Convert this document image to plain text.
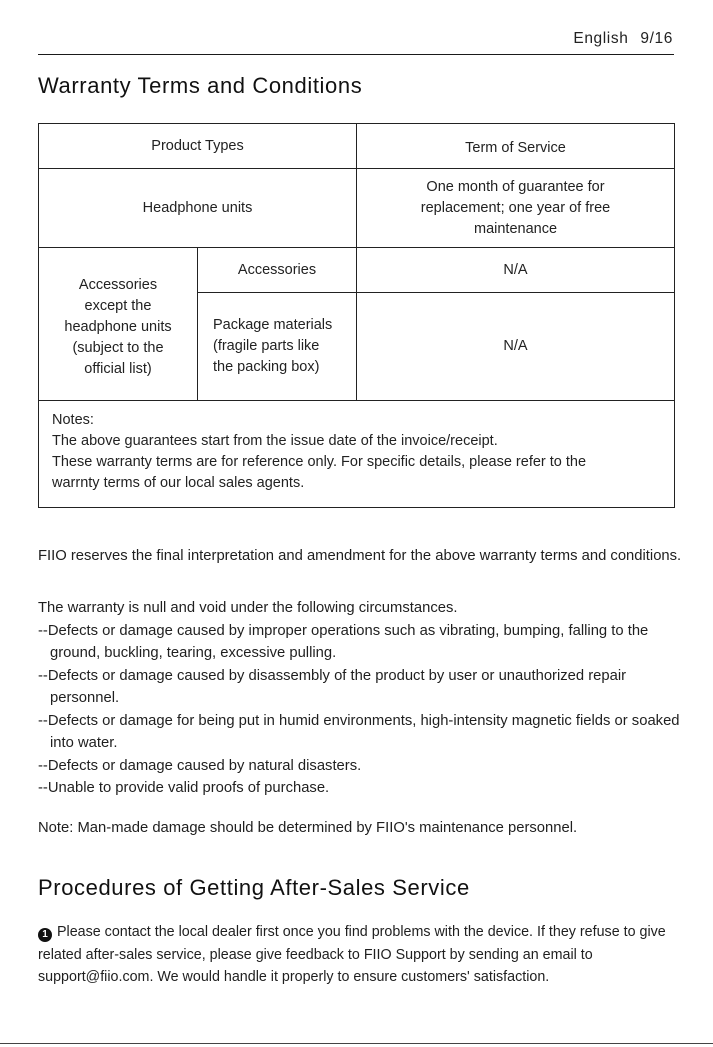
English 9/16
Warranty Terms and Conditions
Product Types		Term of Service
Headphone units		One month of guarantee for
replacement; one year of free
maintenance

Accessories
except the
headphone units
(subject to the
official list)	Accessories	N/A

	Package materials
(fragile parts like
the packing box)	N/A

Notes:
The above guarantees start from the issue date of the invoice/receipt.
These warranty terms are for reference only. For specific details, please refer to the
warrnty terms of our local sales agents.		

FIIO reserves the final interpretation and amendment for the above warranty terms and conditions.

The warranty is null and void under the following circumstances.

--Defects or damage caused by improper operations such as vibrating, bumping, falling to the ground, buckling, tearing, excessive pulling.

--Defects or damage caused by disassembly of the product by user or unauthorized repair personnel.

--Defects or damage for being put in humid environments, high-intensity magnetic fields or soaked into water.

--Defects or damage caused by natural disasters.

--Unable to provide valid proofs of purchase.

Note: Man-made damage should be determined by FIIO's maintenance personnel.

Procedures of Getting After-Sales Service

1 Please contact the local dealer first once you find problems with the device. If they refuse to give related after-sales service, please give feedback to FIIO Support by sending an email to support@fiio.com. We would handle it properly to ensure customers' satisfaction.
